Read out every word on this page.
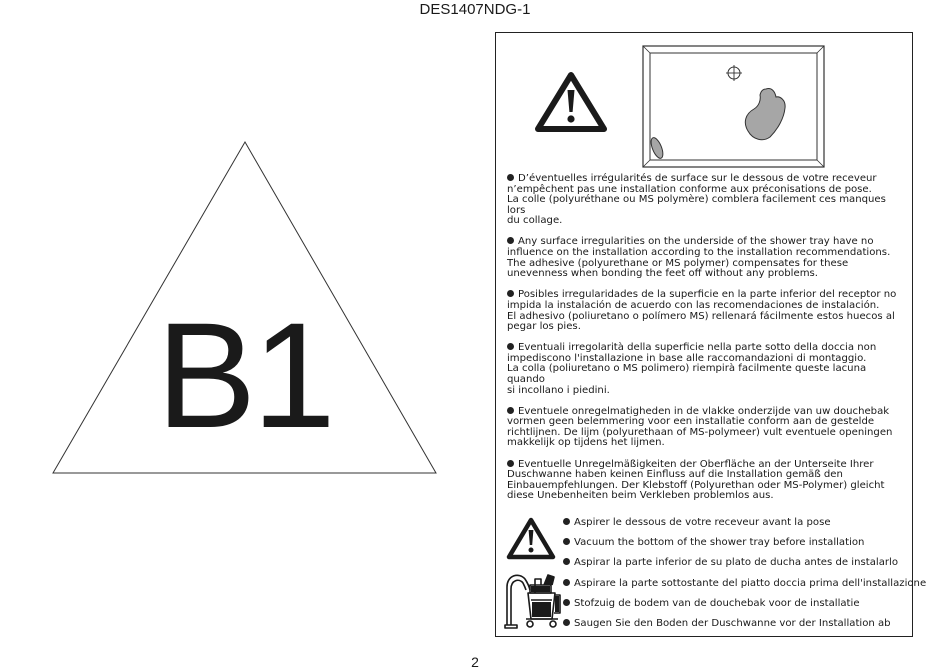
DES1407NDG-1
B1
D’éventuelles irrégularités de surface sur le dessous de votre receveur
n’empêchent pas une installation conforme aux préconisations de pose.
La colle (polyuréthane ou MS polymère) comblera facilement ces manques lors
du collage.
Any surface irregularities on the underside of the shower tray have no
influence on the installation according to the installation recommendations.
The adhesive (polyurethane or MS polymer) compensates for these
unevenness when bonding the feet off without any problems.
Posibles irregularidades de la superficie en la parte inferior del receptor no
impida la instalación de acuerdo con las recomendaciones de instalación.
El adhesivo (poliuretano o polímero MS) rellenará fácilmente estos huecos al
pegar los pies.
Eventuali irregolarità della superficie nella parte sotto della doccia non
impediscono l'installazione in base alle raccomandazioni di montaggio.
La colla (poliuretano o MS polimero) riempirà facilmente queste lacuna quando
si incollano i piedini.
Eventuele onregelmatigheden in de vlakke onderzijde van uw douchebak
vormen geen belemmering voor een installatie conform aan de gestelde
richtlijnen. De lijm (polyurethaan of MS-polymeer) vult eventuele openingen
makkelijk op tijdens het lijmen.
Eventuelle Unregelmäßigkeiten der Oberfläche an der Unterseite Ihrer
Duschwanne haben keinen Einfluss auf die Installation gemäß den
Einbauempfehlungen. Der Klebstoff (Polyurethan oder MS-Polymer) gleicht
diese Unebenheiten beim Verkleben problemlos aus.
Aspirer le dessous de votre receveur avant la pose
Vacuum the bottom of the shower tray before installation
Aspirar la parte inferior de su plato de ducha antes de instalarlo
Aspirare la parte sottostante del piatto doccia prima dell'installazione
Stofzuig de bodem van de douchebak voor de installatie
Saugen Sie den Boden der Duschwanne vor der Installation ab
2
